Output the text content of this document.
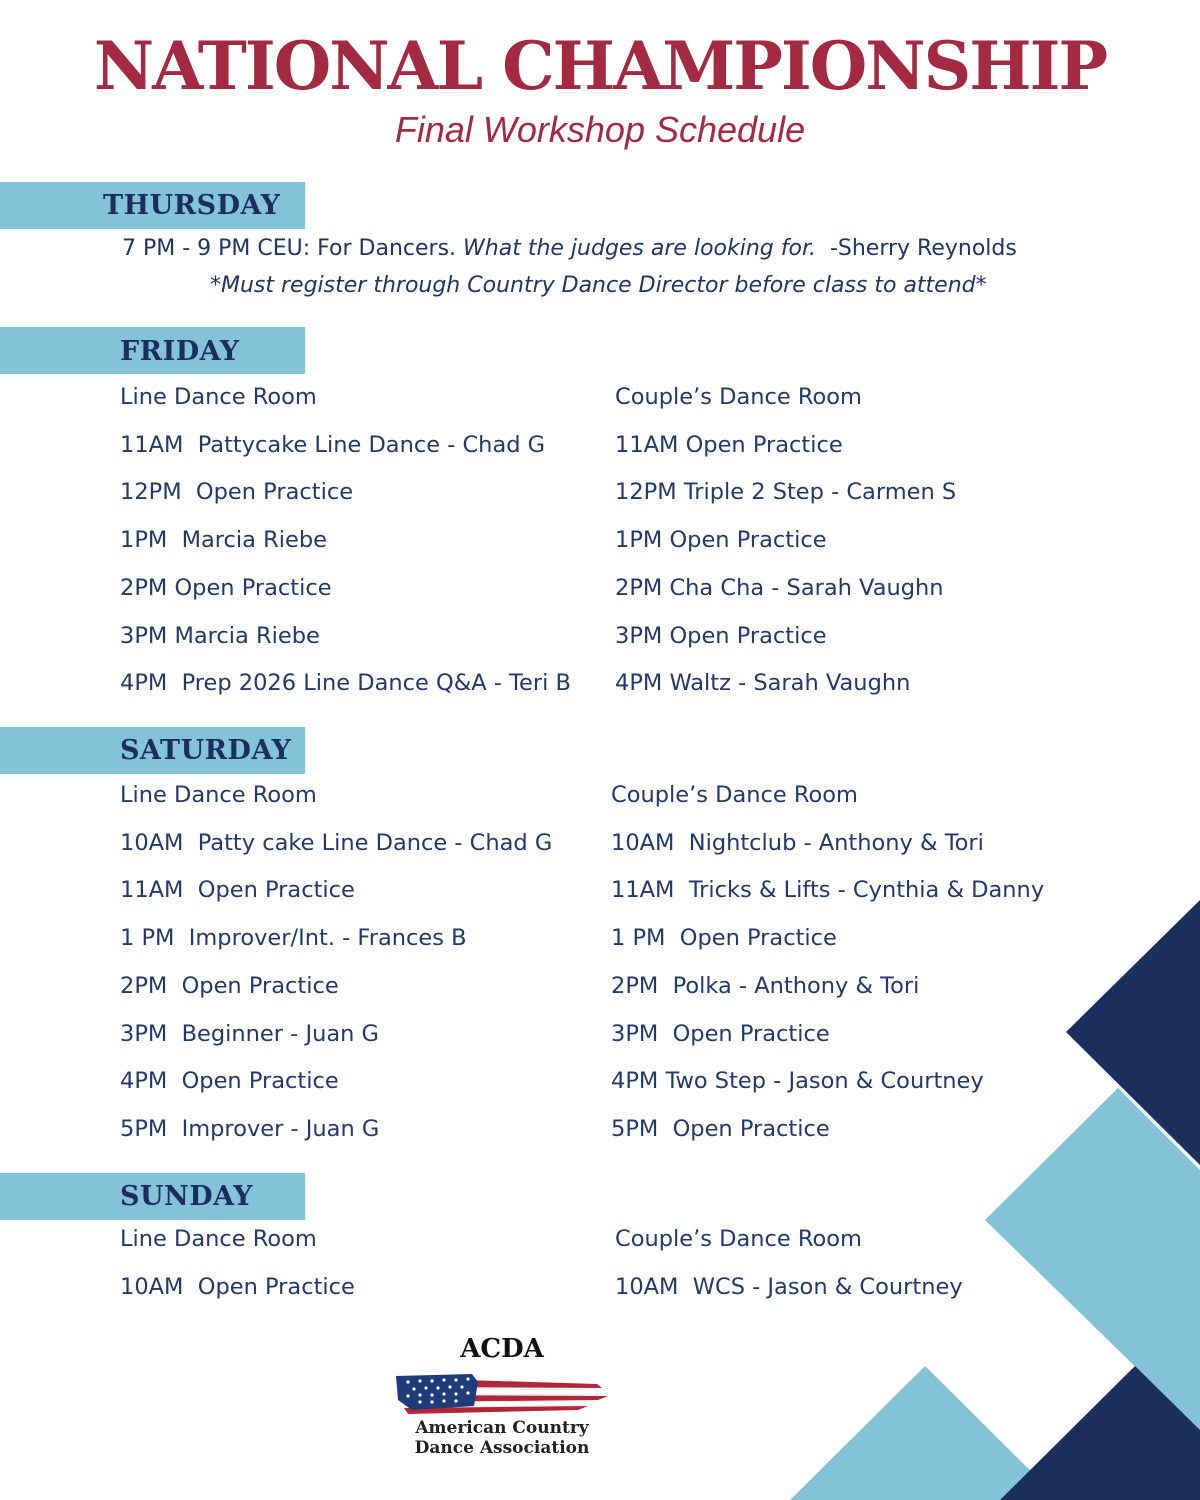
NATIONAL CHAMPIONSHIP
Final Workshop Schedule
THURSDAY
7 PM - 9 PM CEU: For Dancers. What the judges are looking for.  -Sherry Reynolds
*Must register through Country Dance Director before class to attend*
FRIDAY
Line Dance Room
11AM  Pattycake Line Dance - Chad G
12PM  Open Practice
1PM  Marcia Riebe
2PM Open Practice
3PM Marcia Riebe
4PM  Prep 2026 Line Dance Q&A - Teri B
Couple’s Dance Room
11AM Open Practice
12PM Triple 2 Step - Carmen S
1PM Open Practice
2PM Cha Cha - Sarah Vaughn
3PM Open Practice
4PM Waltz - Sarah Vaughn
SATURDAY
Line Dance Room
10AM  Patty cake Line Dance - Chad G
11AM  Open Practice
1 PM  Improver/Int. - Frances B
2PM  Open Practice
3PM  Beginner - Juan G
4PM  Open Practice
5PM  Improver - Juan G
Couple’s Dance Room
10AM  Nightclub - Anthony & Tori
11AM  Tricks & Lifts - Cynthia & Danny
1 PM  Open Practice
2PM  Polka - Anthony & Tori
3PM  Open Practice
4PM Two Step - Jason & Courtney
5PM  Open Practice
SUNDAY
Line Dance Room
10AM  Open Practice
Couple’s Dance Room
10AM  WCS - Jason & Courtney
ACDA
American Country
Dance Association
